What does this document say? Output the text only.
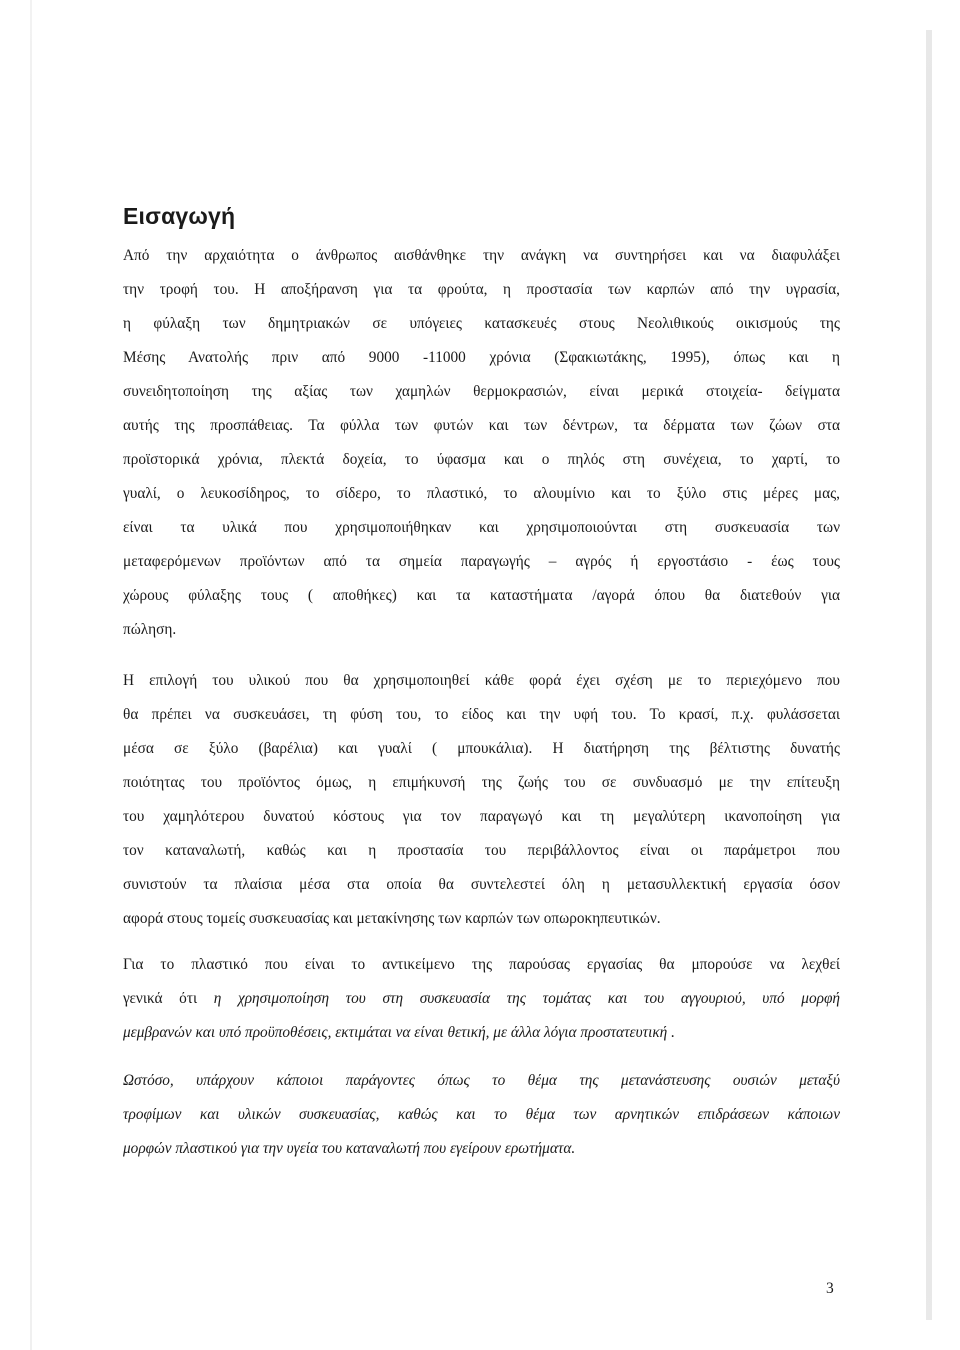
Εισαγωγή
Από την αρχαιότητα ο άνθρωπος αισθάνθηκε την ανάγκη να συντηρήσει και να διαφυλάξει
την τροφή του. Η αποξήρανση για τα φρούτα, η προστασία των καρπών από την υγρασία,
η φύλαξη των δημητριακών σε υπόγειες κατασκευές στους Νεολιθικούς οικισμούς της
Μέσης Ανατολής πριν από 9000 -11000 χρόνια (Σφακιωτάκης, 1995), όπως και η
συνειδητοποίηση της αξίας των χαμηλών θερμοκρασιών, είναι μερικά στοιχεία- δείγματα
αυτής της προσπάθειας. Τα φύλλα των φυτών και των δέντρων, τα δέρματα των ζώων στα
προϊστορικά χρόνια, πλεκτά δοχεία, το ύφασμα και ο πηλός στη συνέχεια, το χαρτί, το
γυαλί, ο λευκοσίδηρος, το σίδερο, το πλαστικό, το αλουμίνιο και το ξύλο στις μέρες μας,
είναι τα υλικά που χρησιμοποιήθηκαν και χρησιμοποιούνται στη συσκευασία των
μεταφερόμενων προϊόντων από τα σημεία παραγωγής – αγρός ή εργοστάσιο - έως τους
χώρους φύλαξης τους ( αποθήκες) και τα καταστήματα /αγορά όπου θα διατεθούν για
πώληση.
Η επιλογή του υλικού που θα χρησιμοποιηθεί κάθε φορά έχει σχέση με το περιεχόμενο που
θα πρέπει να συσκευάσει, τη φύση του, το είδος και την υφή του. Το κρασί, π.χ. φυλάσσεται
μέσα σε ξύλο (βαρέλια) και γυαλί ( μπουκάλια). Η διατήρηση της βέλτιστης δυνατής
ποιότητας του προϊόντος όμως, η επιμήκυνσή της ζωής του σε συνδυασμό με την επίτευξη
του χαμηλότερου δυνατού κόστους για τον παραγωγό και τη μεγαλύτερη ικανοποίηση για
τον καταναλωτή, καθώς και η προστασία του περιβάλλοντος είναι οι παράμετροι που
συνιστούν τα πλαίσια μέσα στα οποία θα συντελεστεί όλη η μετασυλλεκτική εργασία όσον
αφορά στους τομείς συσκευασίας και μετακίνησης των καρπών των οπωροκηπευτικών.
Για το πλαστικό που είναι το αντικείμενο της παρούσας εργασίας θα μπορούσε να λεχθεί
γενικά ότι η χρησιμοποίηση του στη συσκευασία της τομάτας και του αγγουριού, υπό μορφή
μεμβρανών και υπό προϋποθέσεις, εκτιμάται να είναι θετική, με άλλα λόγια προστατευτική .
Ωστόσο, υπάρχουν κάποιοι παράγοντες όπως το θέμα της μετανάστευσης ουσιών μεταξύ
τροφίμων και υλικών συσκευασίας, καθώς και το θέμα των αρνητικών επιδράσεων κάποιων
μορφών πλαστικού για την υγεία του καταναλωτή που εγείρουν ερωτήματα.
3
